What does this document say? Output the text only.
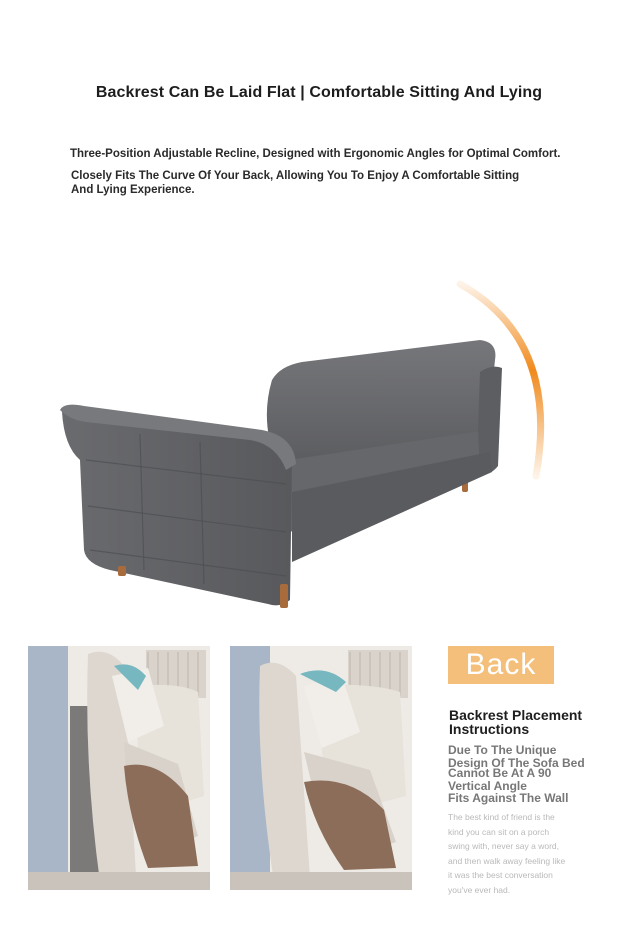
Backrest Can Be Laid Flat | Comfortable Sitting And Lying
Three-Position Adjustable Recline, Designed with Ergonomic Angles for Optimal Comfort.
Closely Fits The Curve Of Your Back, Allowing You To Enjoy A Comfortable Sitting And Lying Experience.
Back
Backrest Placement Instructions
Due To The Unique
Design Of The Sofa Bed
Cannot Be At A 90
Vertical Angle
Fits Against The Wall
The best kind of friend is the kind you can sit on a porch swing with, never say a word, and then walk away feeling like it was the best conversation you've ever had.
